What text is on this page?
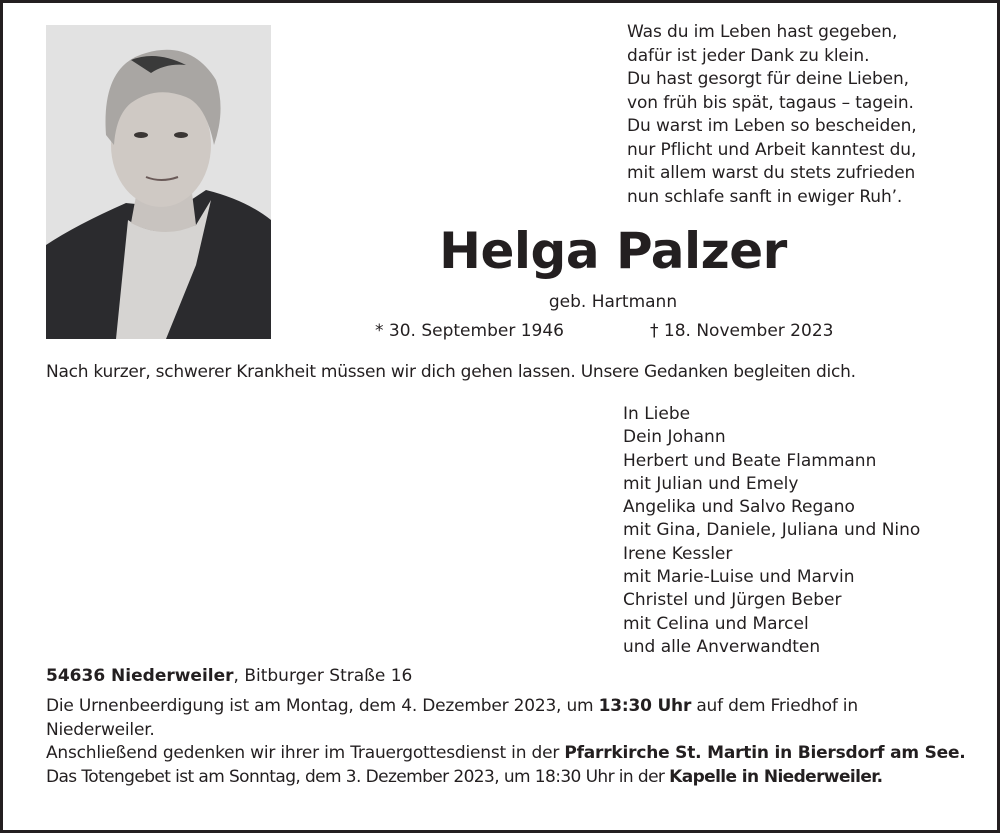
Was du im Leben hast gegeben,
dafür ist jeder Dank zu klein.
Du hast gesorgt für deine Lieben,
von früh bis spät, tagaus – tagein.
Du warst im Leben so bescheiden,
nur Pflicht und Arbeit kanntest du,
mit allem warst du stets zufrieden
nun schlafe sanft in ewiger Ruh’.
Helga Palzer
geb. Hartmann
* 30. September 1946	† 18. November 2023
Nach kurzer, schwerer Krankheit müssen wir dich gehen lassen. Unsere Gedanken begleiten dich.
In Liebe
Dein Johann
Herbert und Beate Flammann
mit Julian und Emely
Angelika und Salvo Regano
mit Gina, Daniele, Juliana und Nino
Irene Kessler
mit Marie-Luise und Marvin
Christel und Jürgen Beber
mit Celina und Marcel
und alle Anverwandten
54636 Niederweiler, Bitburger Straße 16

Die Urnenbeerdigung ist am Montag, dem 4. Dezember 2023, um 13:30 Uhr auf dem Friedhof in Niederweiler.

Anschließend gedenken wir ihrer im Trauergottesdienst in der Pfarrkirche St. Martin in Biersdorf am See.

Das Totengebet ist am Sonntag, dem 3. Dezember 2023, um 18:30 Uhr in der Kapelle in Niederweiler.
